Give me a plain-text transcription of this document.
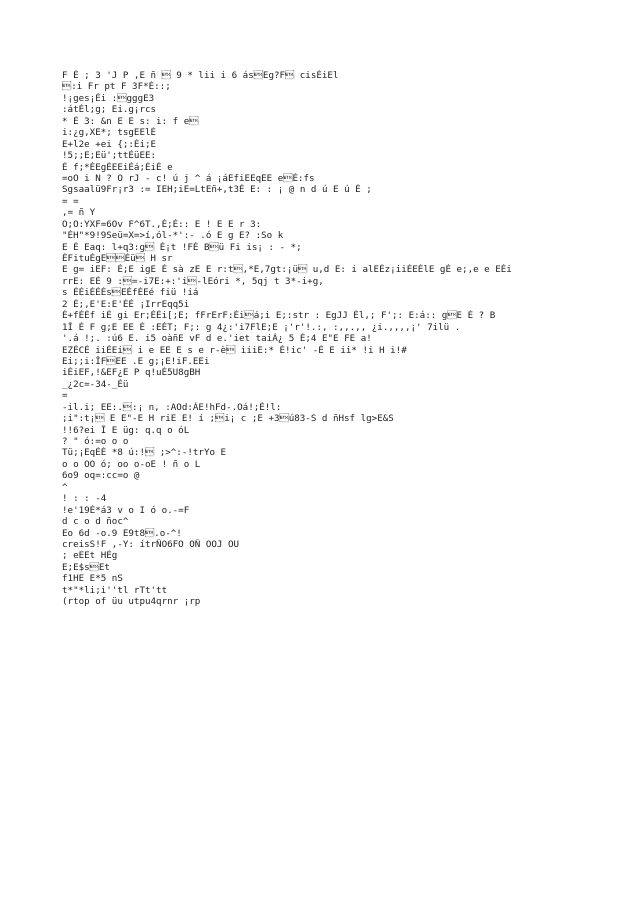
F É ; 3 'J P ,E ñ  9 * lii i 6 ásEg?F cisÉiEl
:i Fr pt F 3F*É::;
!¡ges¡Éi :gggE3
:átÉl;g; Ei.g¡rcs
* É 3: &n E E s: i: f e
i:¿g,XE*; tsgEElÉ
E+l2e +ei {;:Éi;E
!5;;E;Eü';ttÉüEE:
É f;*ÉEgÉEEiÉá;ÉiÉ e
=oO i N ? O rJ - c! ú j ^ á ¡áEfiEEqEE eÉ:fs
Sgsaalü9Fr¡r3 := IEH;iE=LtEñ+,t3É E: : ¡ @ n d ú E ú É ;
= =
,= ñ Y
O;O:YXF=6Ov F^6T.,É;É:: E ! E E r 3:
"ÉH"*9!9Seü=X=>í,ól-*':- .ó E g E? :So k
E É Eaq: l+q3:g É¡t !FÉ Bü Fi is¡ : - *;
ÉFituÉgEÉü H sr
E g= iEF: É;E igE É sà zE E r:t,*E,7gt:¡ü u,d E: i alEÉz¡iiÉEÉlE gÉ e;,e e EÉi
rrE: EÉ 9 :=-i7E:+:'i-lEóri *, 5qj t 3*-i+g,
s ÉÉiÉÉÉsEÉfÉEé fiü !iá
2 É;,E'E:E'ÉÉ ¡IrrEqq5i
É+fÉÉf iÉ gi Er;ÉÉi[;E; fFrErF:Éiá;i E;:str : EgJJ Él,; F';: E:á:: gE É ? B
1Î É F g;E EE É :EÉT; F;: g 4¿:'i7FlE;E ¡'r'!.:, :,,.,, ¿i.,,,,¡' 7ilü .
'.á !;. :ú6 E. i5 oàñE vF d e.'iet taiÁ¿ 5 É;4 E"E FE a!
EZÉCÉ iiÉEi i e EE E s e r-è iiiE:* É!ic' -É E ii* !i H i!#
Ei;;i:ÎFEE .E g;¡E!iF.EEi
iÉiEF,!&EF¿E P q!uÉ5U8gBH
_¿2c=-34-_Éü
=
-il.i; EE:.:¡ n, :AOd:ÁE!hFd-.Oá!;É!l:
;i":t¡ E E"-E H riE E! í ;i¡ c ;E +3ú83-S d ñHsf lg>E&S
!!6?ei Î E üg: q.q o óL
? " ó:=o o o
Tü;¡EqÉÉ *8 ú:! ;>^:-!trYo E
o o OO ó; oo o-oE ! ñ o L
6o9 oq=:cc=o @
^
! : : -4
!e'19É*á3 v o I ó o.-=F
d c o d ñoc^
Eo 6d -o.9 E9t8.o-^!
creisS!F ,-Y: ítrÑO6FO OÑ OOJ OU
; eEEt HÉg
E;E$sEt
f1HE E*5 nS
t*"*li;i''tl rTt'tt
(rtop of üu utpu4qrnr ¡rp
